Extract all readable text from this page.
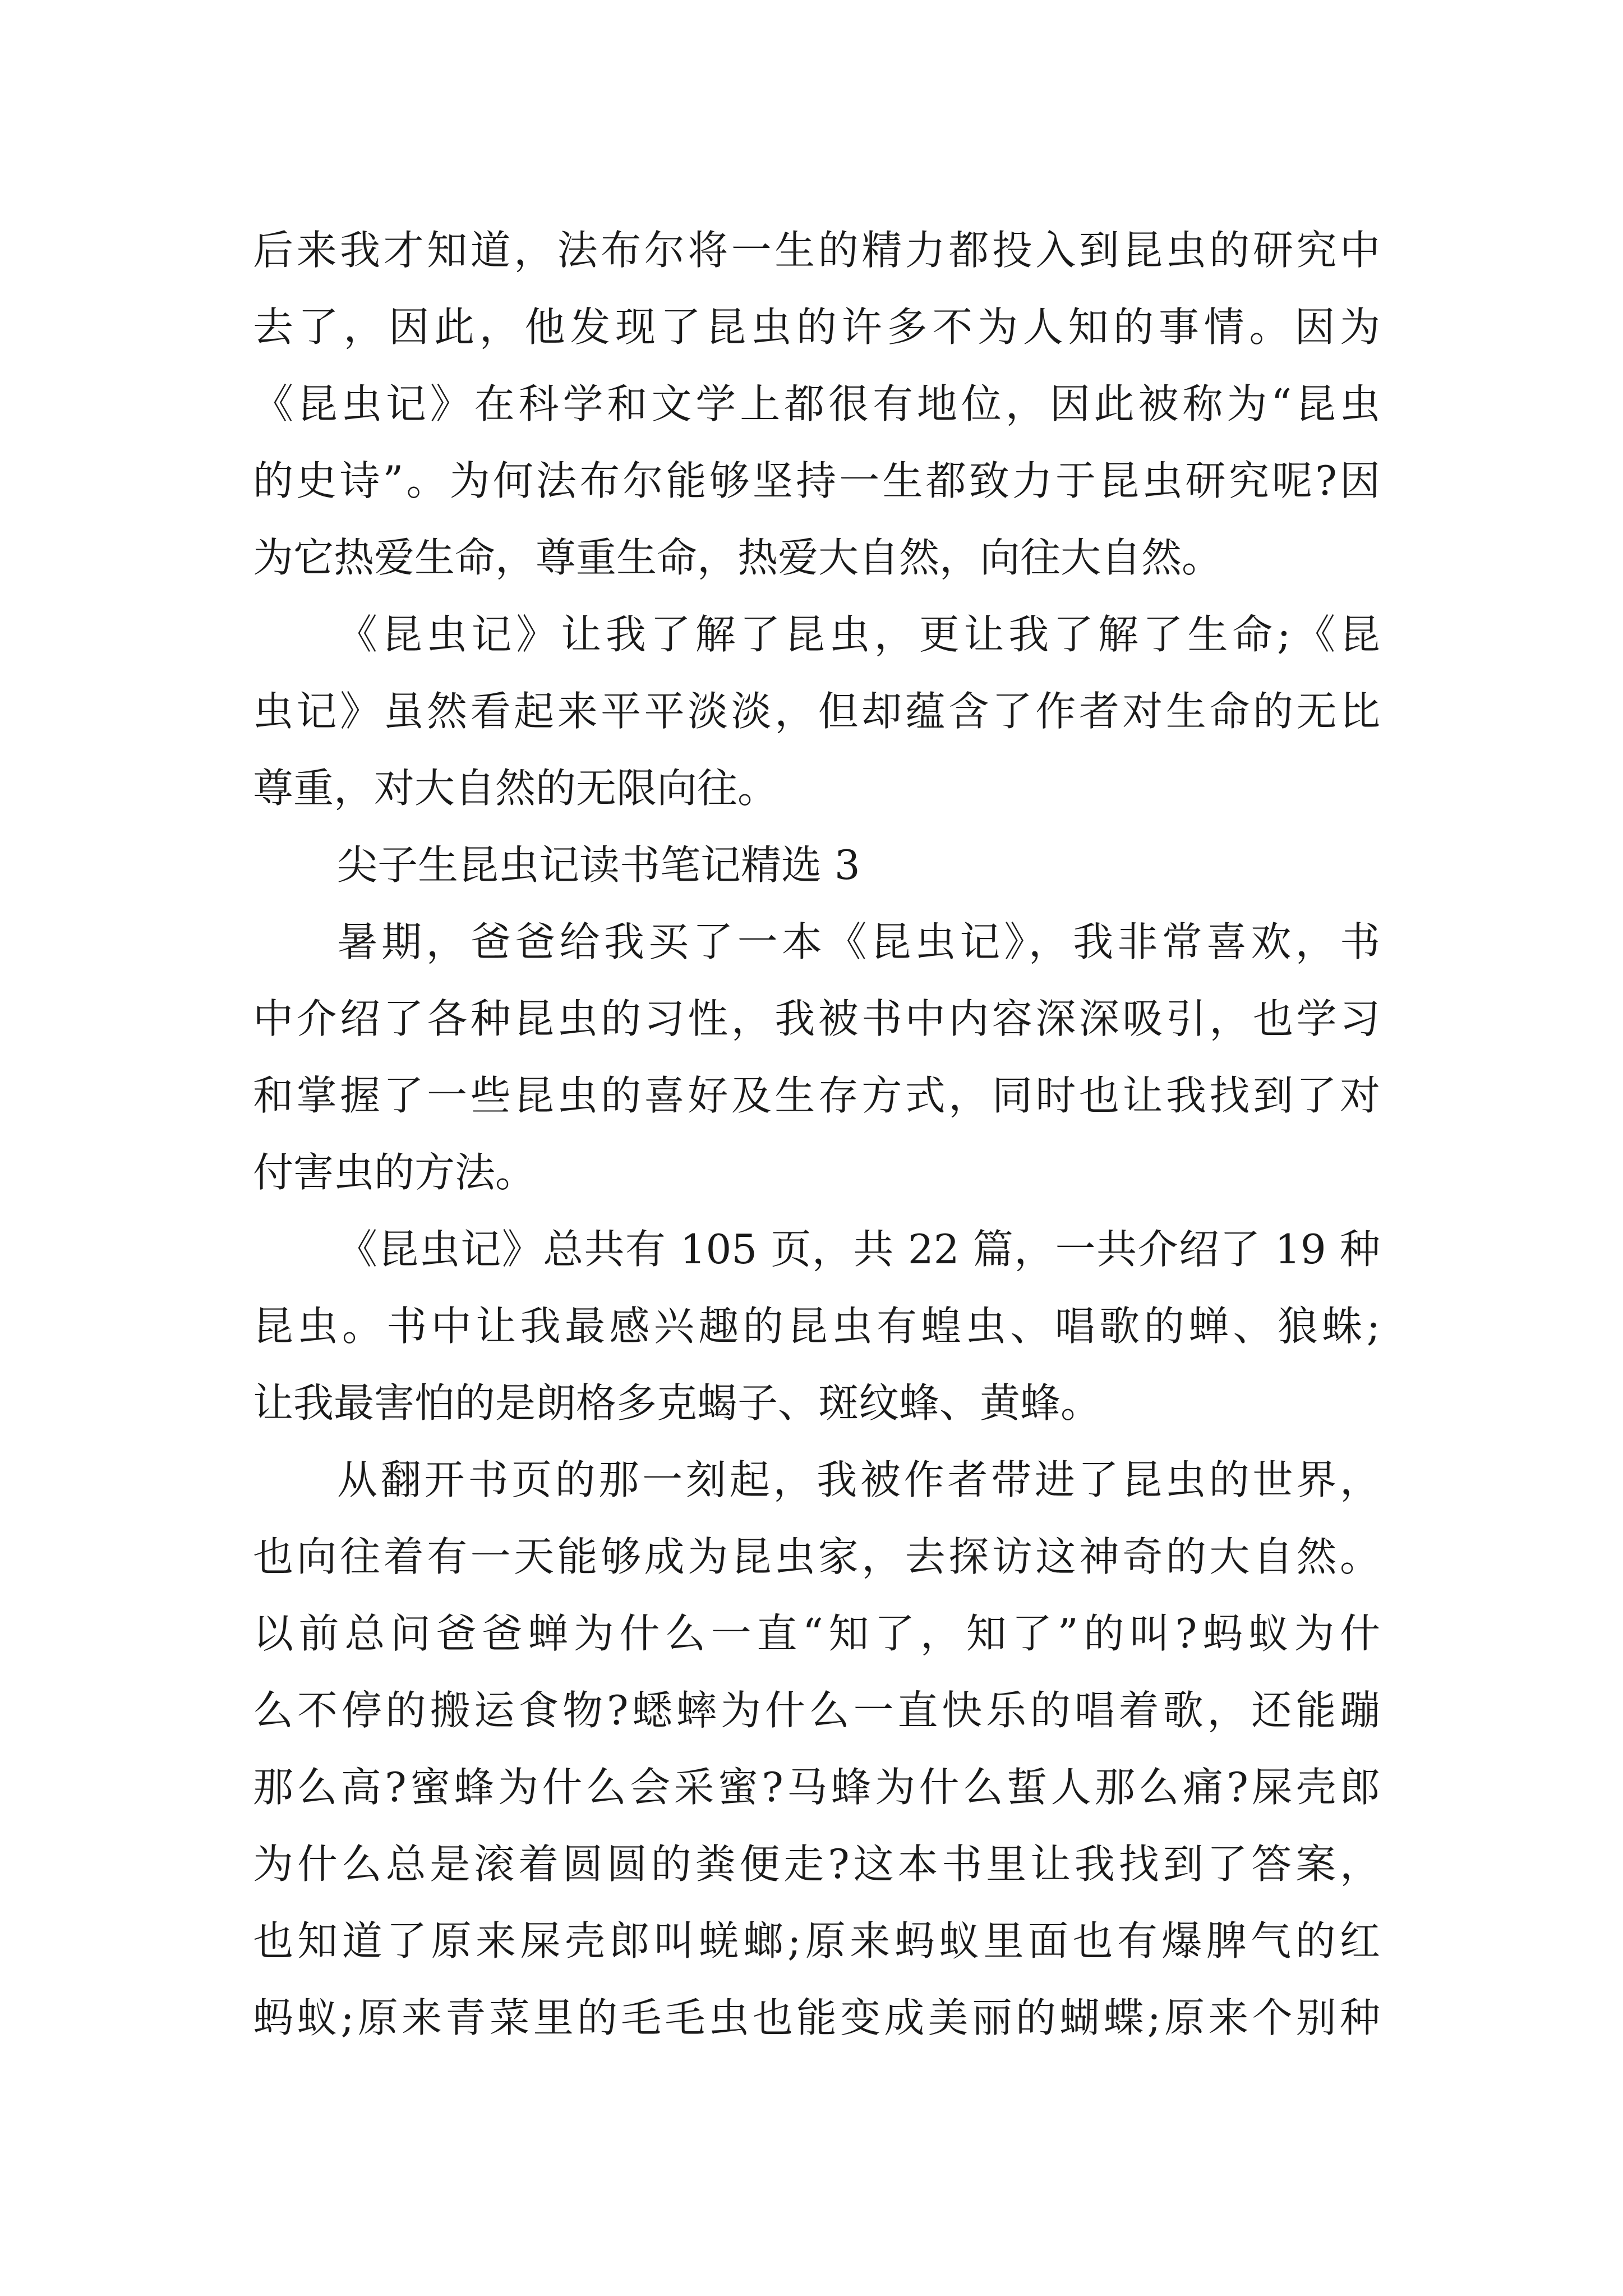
后来我才知道，法布尔将一生的精力都投入到昆虫的研究中
去了，因此，他发现了昆虫的许多不为人知的事情。因为
《昆虫记》在科学和文学上都很有地位，因此被称为“昆虫
的史诗”。为何法布尔能够坚持一生都致力于昆虫研究呢?因
为它热爱生命，尊重生命，热爱大自然，向往大自然。
《昆虫记》让我了解了昆虫，更让我了解了生命;《昆
虫记》虽然看起来平平淡淡，但却蕴含了作者对生命的无比
尊重，对大自然的无限向往。
尖子生昆虫记读书笔记精选 3
暑期，爸爸给我买了一本《昆虫记》，我非常喜欢，书
中介绍了各种昆虫的习性，我被书中内容深深吸引，也学习
和掌握了一些昆虫的喜好及生存方式，同时也让我找到了对
付害虫的方法。
《昆虫记》总共有 105 页，共 22 篇，一共介绍了 19 种
昆虫。书中让我最感兴趣的昆虫有蝗虫、唱歌的蝉、狼蛛;
让我最害怕的是朗格多克蝎子、斑纹蜂、黄蜂。
从翻开书页的那一刻起，我被作者带进了昆虫的世界，
也向往着有一天能够成为昆虫家，去探访这神奇的大自然。
以前总问爸爸蝉为什么一直“知了，知了”的叫?蚂蚁为什
么不停的搬运食物?蟋蟀为什么一直快乐的唱着歌，还能蹦
那么高?蜜蜂为什么会采蜜?马蜂为什么蜇人那么痛?屎壳郎
为什么总是滚着圆圆的粪便走?这本书里让我找到了答案，
也知道了原来屎壳郎叫蜣螂;原来蚂蚁里面也有爆脾气的红
蚂蚁;原来青菜里的毛毛虫也能变成美丽的蝴蝶;原来个别种
